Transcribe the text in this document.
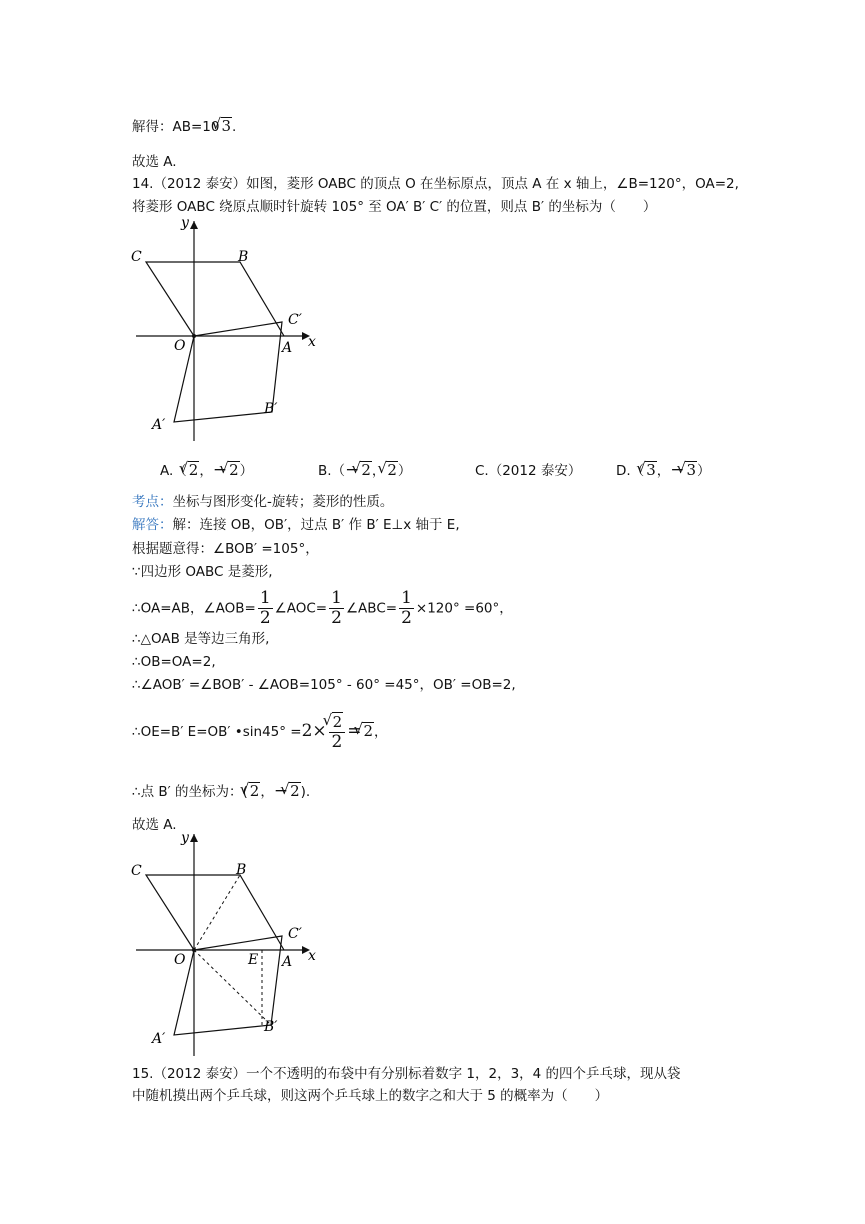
解得：AB=10 √ 3.
故选 A.
14.（2012 泰安）如图，菱形 OABC 的顶点 O 在坐标原点，顶点 A 在 x 轴上，∠B=120°，OA=2,
将菱形 OABC 绕原点顺时针旋转 105° 至 OA′ B′ C′ 的位置，则点 B′ 的坐标为（　　）
y
x
C	B
O	A
C′
A′
B′
A.（ √ 2，− √ 2）	B.（− √ 2， √ 2）	C.（2012 泰安）	D.（ √ 3，− √ 3）
考点：坐标与图形变化-旋转；菱形的性质。
解答：解：连接 OB，OB′，过点 B′ 作 B′ E⊥x 轴于 E,
根据题意得：∠BOB′ =105°，
∵四边形 OABC 是菱形,
∴OA=AB，∠AOB= $\frac{1}{2}$ ∠AOC= $\frac{1}{2}$ ∠ABC= $\frac{1}{2} \times 120^\circ =60^\circ$，
∴△OAB 是等边三角形,
∴OB=OA=2,
∴∠AOB′ =∠BOB′ - ∠AOB=105° - 60° =45°，OB′ =OB=2,
∴OE=B′ E=OB′ •sin45° =2× √ $\frac{2}{2}$ = √ 2，
∴点 B′ 的坐标为：( √ 2，− √ 2).
故选 A.
y
x
C	B
O	E A
C′
A′
B′
15.（2012 泰安）一个不透明的布袋中有分别标着数字 1，2，3，4 的四个乒乓球，现从袋
中随机摸出两个乒乓球，则这两个乒乓球上的数字之和大于 5 的概率为（　　）
